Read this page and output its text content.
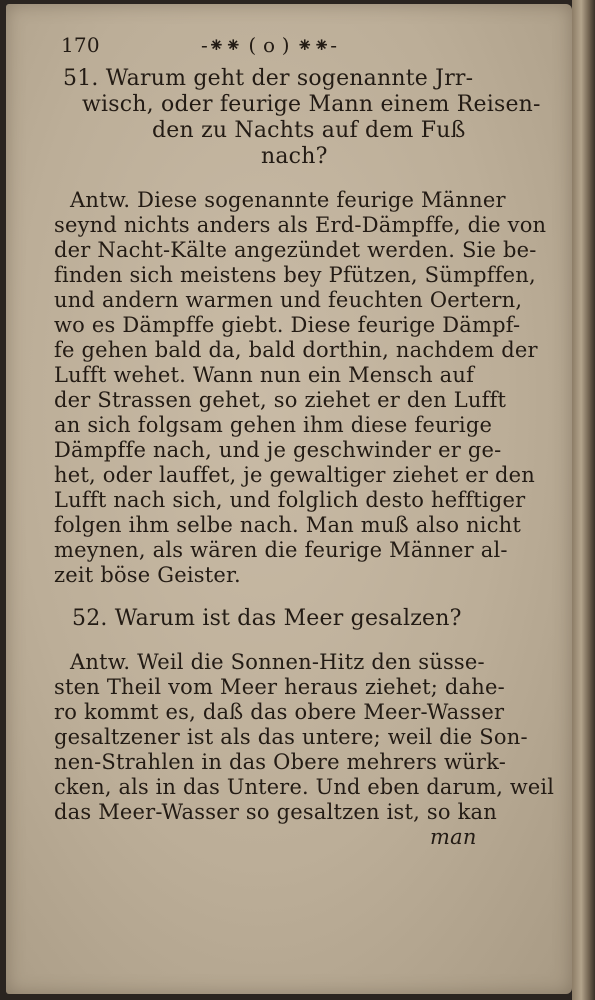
170	-⁕⁕ ( o ) ⁕⁕-
51. Warum geht der sogenannte Jrr-
wisch, oder feurige Mann einem Reisen-
den zu Nachts auf dem Fuß
nach?
Antw. Diese sogenannte feurige Männer
seynd nichts anders als Erd-Dämpffe, die von
der Nacht-Kälte angezündet werden. Sie be-
finden sich meistens bey Pfützen, Sümpffen,
und andern warmen und feuchten Oertern,
wo es Dämpffe giebt. Diese feurige Dämpf-
fe gehen bald da, bald dorthin, nachdem der
Lufft wehet. Wann nun ein Mensch auf
der Strassen gehet, so ziehet er den Lufft
an sich folgsam gehen ihm diese feurige
Dämpffe nach, und je geschwinder er ge-
het, oder lauffet, je gewaltiger ziehet er den
Lufft nach sich, und folglich desto hefftiger
folgen ihm selbe nach. Man muß also nicht
meynen, als wären die feurige Männer al-
zeit böse Geister.
52. Warum ist das Meer gesalzen?
Antw. Weil die Sonnen-Hitz den süsse-
sten Theil vom Meer heraus ziehet; dahe-
ro kommt es, daß das obere Meer-Wasser
gesaltzener ist als das untere; weil die Son-
nen-Strahlen in das Obere mehrers würk-
cken, als in das Untere. Und eben darum, weil
das Meer-Wasser so gesaltzen ist, so kan
man
